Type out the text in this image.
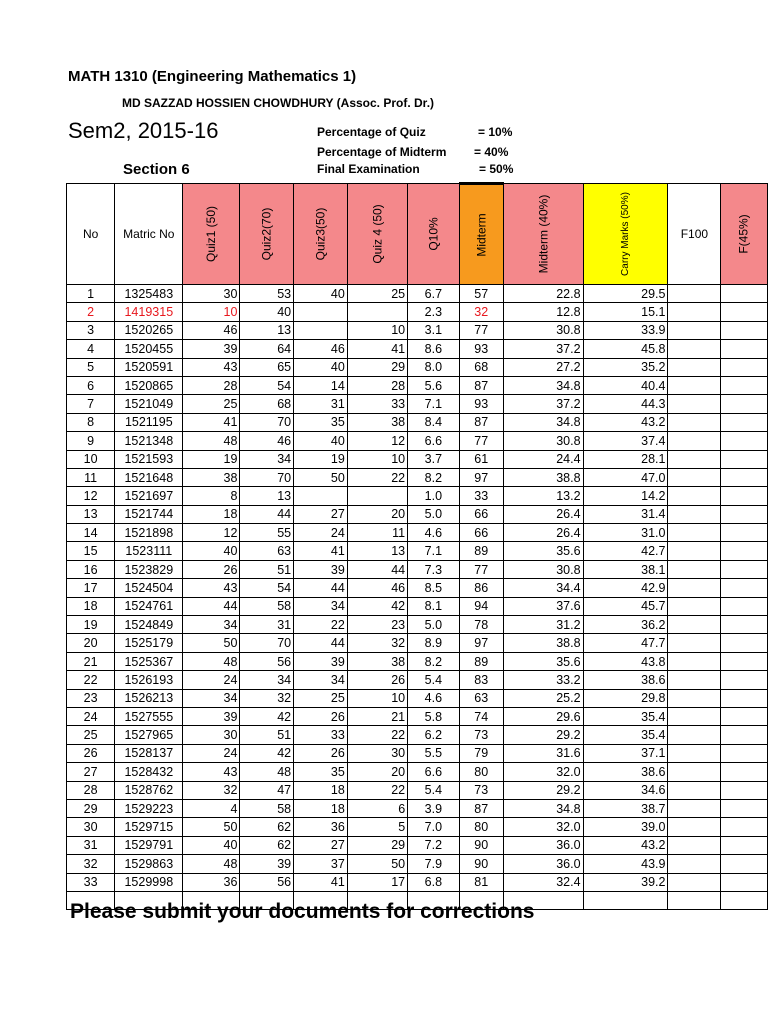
MATH 1310 (Engineering Mathematics 1)
MD SAZZAD HOSSIEN CHOWDHURY (Assoc. Prof. Dr.)
Sem2, 2015-16	Percentage of Quiz	= 10%
Percentage of Midterm = 40%
Final Examination	= 50%
Section 6
No	Matric No	Quiz1 (50)	Quiz2(70)	Quiz3(50)	Quiz 4 (50)	Q10%	Midterm	Midterm (40%)	Carry Marks (50%)	F100	F(45%)
1	1325483	30	53	40	25	6.7	57	22.8	29.5		
2	1419315	10	40			2.3	32	12.8	15.1		
3	1520265	46	13		10	3.1	77	30.8	33.9		
4	1520455	39	64	46	41	8.6	93	37.2	45.8		
5	1520591	43	65	40	29	8.0	68	27.2	35.2		
6	1520865	28	54	14	28	5.6	87	34.8	40.4		
7	1521049	25	68	31	33	7.1	93	37.2	44.3		
8	1521195	41	70	35	38	8.4	87	34.8	43.2		
9	1521348	48	46	40	12	6.6	77	30.8	37.4		
10	1521593	19	34	19	10	3.7	61	24.4	28.1		
11	1521648	38	70	50	22	8.2	97	38.8	47.0		
12	1521697	8	13			1.0	33	13.2	14.2		
13	1521744	18	44	27	20	5.0	66	26.4	31.4		
14	1521898	12	55	24	11	4.6	66	26.4	31.0		
15	1523111	40	63	41	13	7.1	89	35.6	42.7		
16	1523829	26	51	39	44	7.3	77	30.8	38.1		
17	1524504	43	54	44	46	8.5	86	34.4	42.9		
18	1524761	44	58	34	42	8.1	94	37.6	45.7		
19	1524849	34	31	22	23	5.0	78	31.2	36.2		
20	1525179	50	70	44	32	8.9	97	38.8	47.7		
21	1525367	48	56	39	38	8.2	89	35.6	43.8		
22	1526193	24	34	34	26	5.4	83	33.2	38.6		
23	1526213	34	32	25	10	4.6	63	25.2	29.8		
24	1527555	39	42	26	21	5.8	74	29.6	35.4		
25	1527965	30	51	33	22	6.2	73	29.2	35.4		
26	1528137	24	42	26	30	5.5	79	31.6	37.1		
27	1528432	43	48	35	20	6.6	80	32.0	38.6		
28	1528762	32	47	18	22	5.4	73	29.2	34.6		
29	1529223	4	58	18	6	3.9	87	34.8	38.7		
30	1529715	50	62	36	5	7.0	80	32.0	39.0		
31	1529791	40	62	27	29	7.2	90	36.0	43.2		
32	1529863	48	39	37	50	7.9	90	36.0	43.9		
33	1529998	36	56	41	17	6.8	81	32.4	39.2		

Please submit your documents for corrections
